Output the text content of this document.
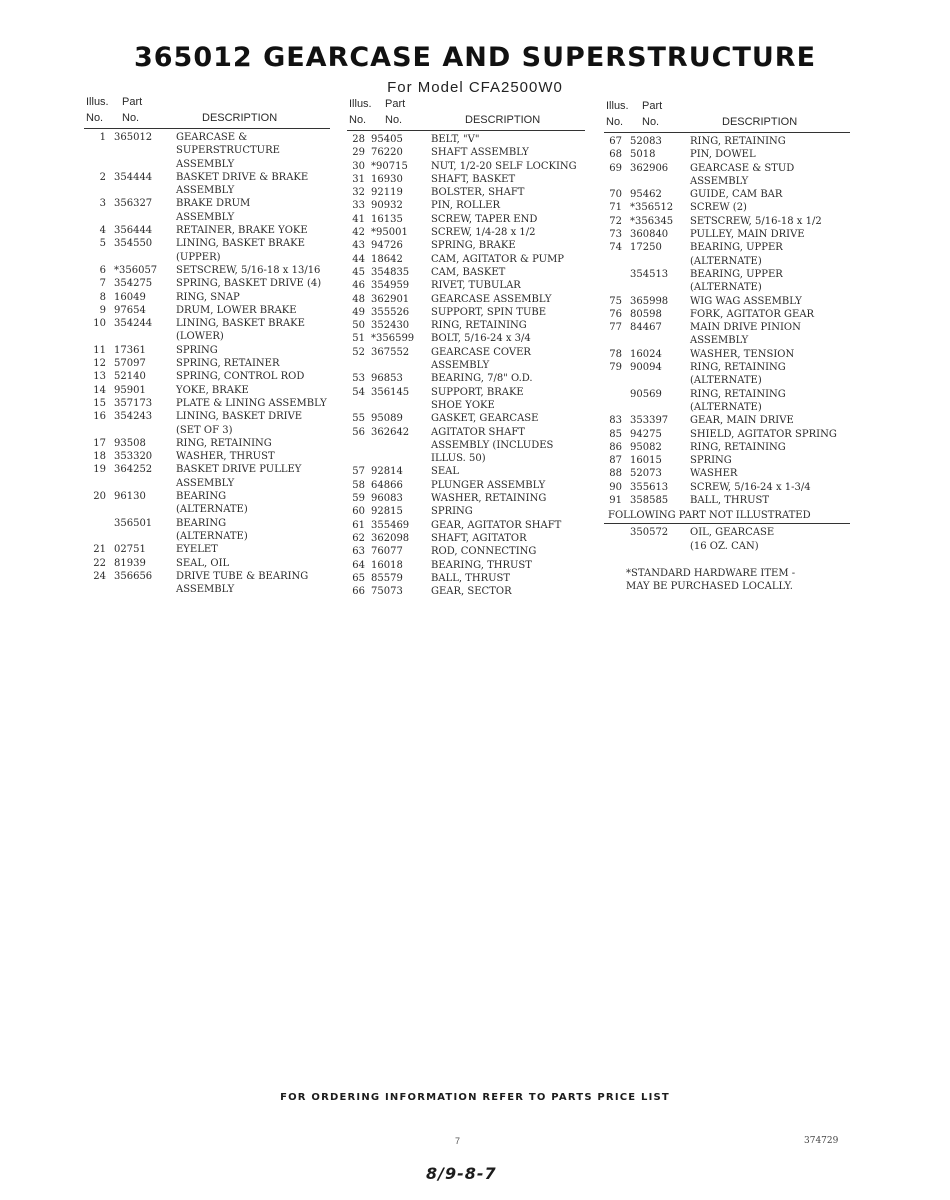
365012 GEARCASE AND SUPERSTRUCTURE
For Model CFA2500W0
Illus. Part
No. No.	DESCRIPTION
1 365012	GEARCASE &
SUPERSTRUCTURE
ASSEMBLY
2 354444	BASKET DRIVE & BRAKE
ASSEMBLY
3 356327	BRAKE DRUM
ASSEMBLY
4 356444	RETAINER, BRAKE YOKE
5 354550	LINING, BASKET BRAKE
(UPPER)
6 *356057	SETSCREW, 5/16-18 x 13/16
7 354275	SPRING, BASKET DRIVE (4)
8 16049	RING, SNAP
9 97654	DRUM, LOWER BRAKE
10 354244	LINING, BASKET BRAKE
(LOWER)
11 17361	SPRING
12 57097	SPRING, RETAINER
13 52140	SPRING, CONTROL ROD
14 95901	YOKE, BRAKE
15 357173	PLATE & LINING ASSEMBLY
16 354243	LINING, BASKET DRIVE
(SET OF 3)
17 93508	RING, RETAINING
18 353320	WASHER, THRUST
19 364252	BASKET DRIVE PULLEY
ASSEMBLY
20 96130	BEARING
(ALTERNATE)
356501	BEARING
(ALTERNATE)
21 02751	EYELET
22 81939	SEAL, OIL
24 356656	DRIVE TUBE & BEARING
ASSEMBLY
Illus. Part
No. No.	DESCRIPTION
28 95405	BELT, "V"
29 76220	SHAFT ASSEMBLY
30 *90715	NUT, 1/2-20 SELF LOCKING
31 16930	SHAFT, BASKET
32 92119	BOLSTER, SHAFT
33 90932	PIN, ROLLER
41 16135	SCREW, TAPER END
42 *95001	SCREW, 1/4-28 x 1/2
43 94726	SPRING, BRAKE
44 18642	CAM, AGITATOR & PUMP
45 354835	CAM, BASKET
46 354959	RIVET, TUBULAR
48 362901	GEARCASE ASSEMBLY
49 355526	SUPPORT, SPIN TUBE
50 352430	RING, RETAINING
51 *356599	BOLT, 5/16-24 x 3/4
52 367552	GEARCASE COVER
ASSEMBLY
53 96853	BEARING, 7/8" O.D.
54 356145	SUPPORT, BRAKE
SHOE YOKE
55 95089	GASKET, GEARCASE
56 362642	AGITATOR SHAFT
ASSEMBLY (INCLUDES
ILLUS. 50)
57 92814	SEAL
58 64866	PLUNGER ASSEMBLY
59 96083	WASHER, RETAINING
60 92815	SPRING
61 355469	GEAR, AGITATOR SHAFT
62 362098	SHAFT, AGITATOR
63 76077	ROD, CONNECTING
64 16018	BEARING, THRUST
65 85579	BALL, THRUST
66 75073	GEAR, SECTOR
Illus. Part
No. No.	DESCRIPTION
67 52083	RING, RETAINING
68 5018	PIN, DOWEL
69 362906	GEARCASE & STUD
ASSEMBLY
70 95462	GUIDE, CAM BAR
71 *356512	SCREW (2)
72 *356345	SETSCREW, 5/16-18 x 1/2
73 360840	PULLEY, MAIN DRIVE
74 17250	BEARING, UPPER
(ALTERNATE)
354513	BEARING, UPPER
(ALTERNATE)
75 365998	WIG WAG ASSEMBLY
76 80598	FORK, AGITATOR GEAR
77 84467	MAIN DRIVE PINION
ASSEMBLY
78 16024	WASHER, TENSION
79 90094	RING, RETAINING
(ALTERNATE)
90569	RING, RETAINING
(ALTERNATE)
83 353397	GEAR, MAIN DRIVE
85 94275	SHIELD, AGITATOR SPRING
86 95082	RING, RETAINING
87 16015	SPRING
88 52073	WASHER
90 355613	SCREW, 5/16-24 x 1-3/4
91 358585	BALL, THRUST
FOLLOWING PART NOT ILLUSTRATED
350572	OIL, GEARCASE
(16 OZ. CAN)
*STANDARD HARDWARE ITEM -
MAY BE PURCHASED LOCALLY.
FOR ORDERING INFORMATION REFER TO PARTS PRICE LIST
7	374729
8/9-8-7
